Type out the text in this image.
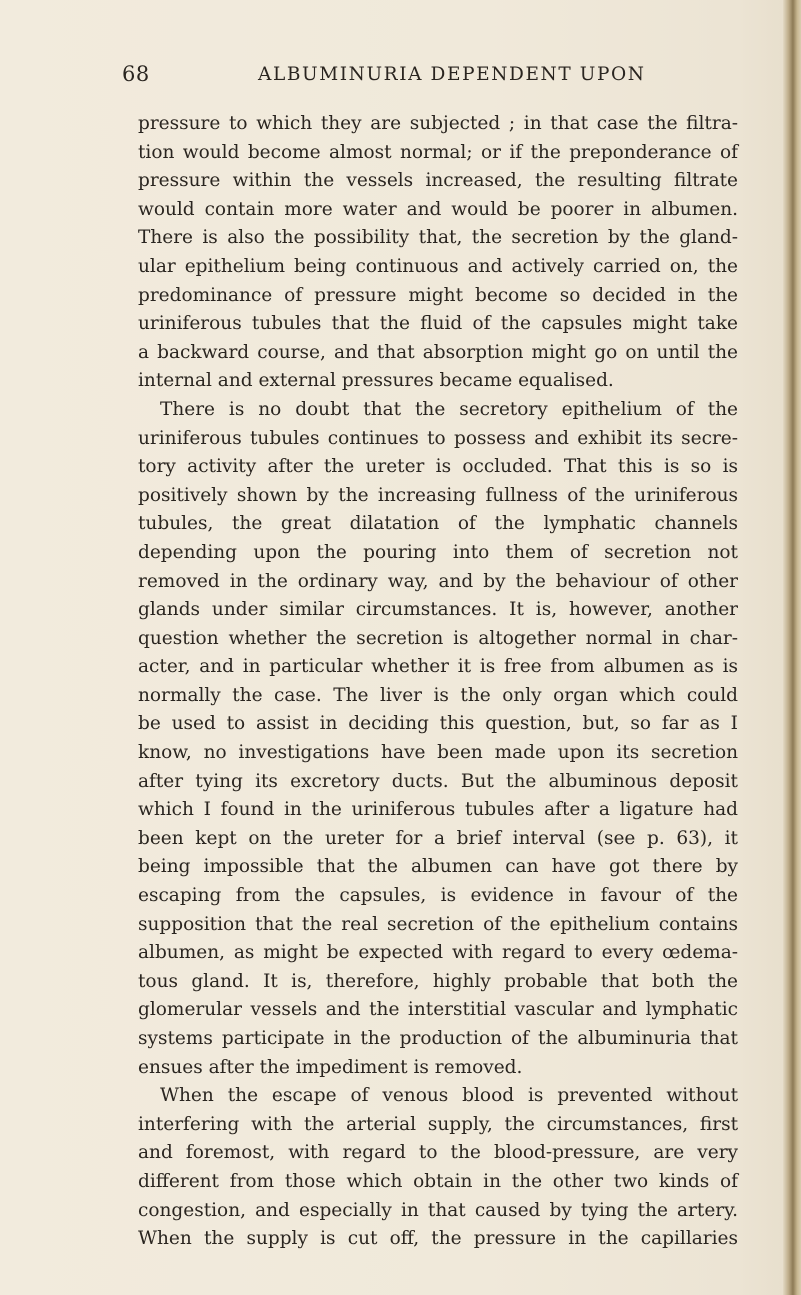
68	ALBUMINURIA DEPENDENT UPON
pressure to which they are subjected ; in that case the filtra-
tion would become almost normal; or if the preponderance of
pressure within the vessels increased, the resulting filtrate
would contain more water and would be poorer in albumen.
There is also the possibility that, the secretion by the gland-
ular epithelium being continuous and actively carried on, the
predominance of pressure might become so decided in the
uriniferous tubules that the fluid of the capsules might take
a backward course, and that absorption might go on until the
internal and external pressures became equalised.
There is no doubt that the secretory epithelium of the
uriniferous tubules continues to possess and exhibit its secre-
tory activity after the ureter is occluded. That this is so is
positively shown by the increasing fullness of the uriniferous
tubules, the great dilatation of the lymphatic channels
depending upon the pouring into them of secretion not
removed in the ordinary way, and by the behaviour of other
glands under similar circumstances. It is, however, another
question whether the secretion is altogether normal in char-
acter, and in particular whether it is free from albumen as is
normally the case. The liver is the only organ which could
be used to assist in deciding this question, but, so far as I
know, no investigations have been made upon its secretion
after tying its excretory ducts. But the albuminous deposit
which I found in the uriniferous tubules after a ligature had
been kept on the ureter for a brief interval (see p. 63), it
being impossible that the albumen can have got there by
escaping from the capsules, is evidence in favour of the
supposition that the real secretion of the epithelium contains
albumen, as might be expected with regard to every œdema-
tous gland. It is, therefore, highly probable that both the
glomerular vessels and the interstitial vascular and lymphatic
systems participate in the production of the albuminuria that
ensues after the impediment is removed.
When the escape of venous blood is prevented without
interfering with the arterial supply, the circumstances, first
and foremost, with regard to the blood-pressure, are very
different from those which obtain in the other two kinds of
congestion, and especially in that caused by tying the artery.
When the supply is cut off, the pressure in the capillaries
